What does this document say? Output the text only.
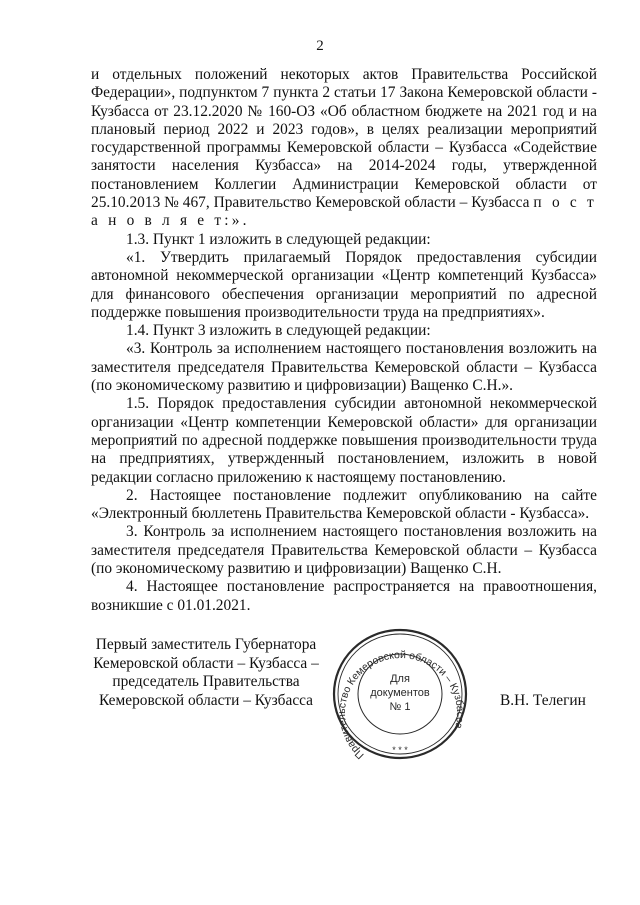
2

и отдельных положений некоторых актов Правительства Российской Федерации», подпунктом 7 пункта 2 статьи 17 Закона Кемеровской области - Кузбасса от 23.12.2020 № 160-ОЗ «Об областном бюджете на 2021 год и на плановый период 2022 и 2023 годов», в целях реализации мероприятий государственной программы Кемеровской области – Кузбасса «Содействие занятости населения Кузбасса» на 2014-2024 годы, утвержденной постановлением Коллегии Администрации Кемеровской области от 25.10.2013 № 467, Правительство Кемеровской области – Кузбасса п о с т а н о в л я е т:».

1.3. Пункт 1 изложить в следующей редакции:

«1. Утвердить прилагаемый Порядок предоставления субсидии автономной некоммерческой организации «Центр компетенций Кузбасса» для финансового обеспечения организации мероприятий по адресной поддержке повышения производительности труда на предприятиях».

1.4. Пункт 3 изложить в следующей редакции:

«3. Контроль за исполнением настоящего постановления возложить на заместителя председателя Правительства Кемеровской области – Кузбасса (по экономическому развитию и цифровизации) Ващенко С.Н.».

1.5. Порядок предоставления субсидии автономной некоммерческой организации «Центр компетенции Кемеровской области» для организации мероприятий по адресной поддержке повышения производительности труда на предприятиях, утвержденный постановлением, изложить в новой редакции согласно приложению к настоящему постановлению.

2. Настоящее постановление подлежит опубликованию на сайте «Электронный бюллетень Правительства Кемеровской области - Кузбасса».

3. Контроль за исполнением настоящего постановления возложить на заместителя председателя Правительства Кемеровской области – Кузбасса (по экономическому развитию и цифровизации) Ващенко С.Н.

4. Настоящее постановление распространяется на правоотношения, возникшие с 01.01.2021.

Первый заместитель Губернатора
Кемеровской области – Кузбасса –
председатель Правительства
Кемеровской области – Кузбасса
Правительство Кемеровской области – Кузбасса
Для
документов
№ 1
* * *
В.Н. Телегин
